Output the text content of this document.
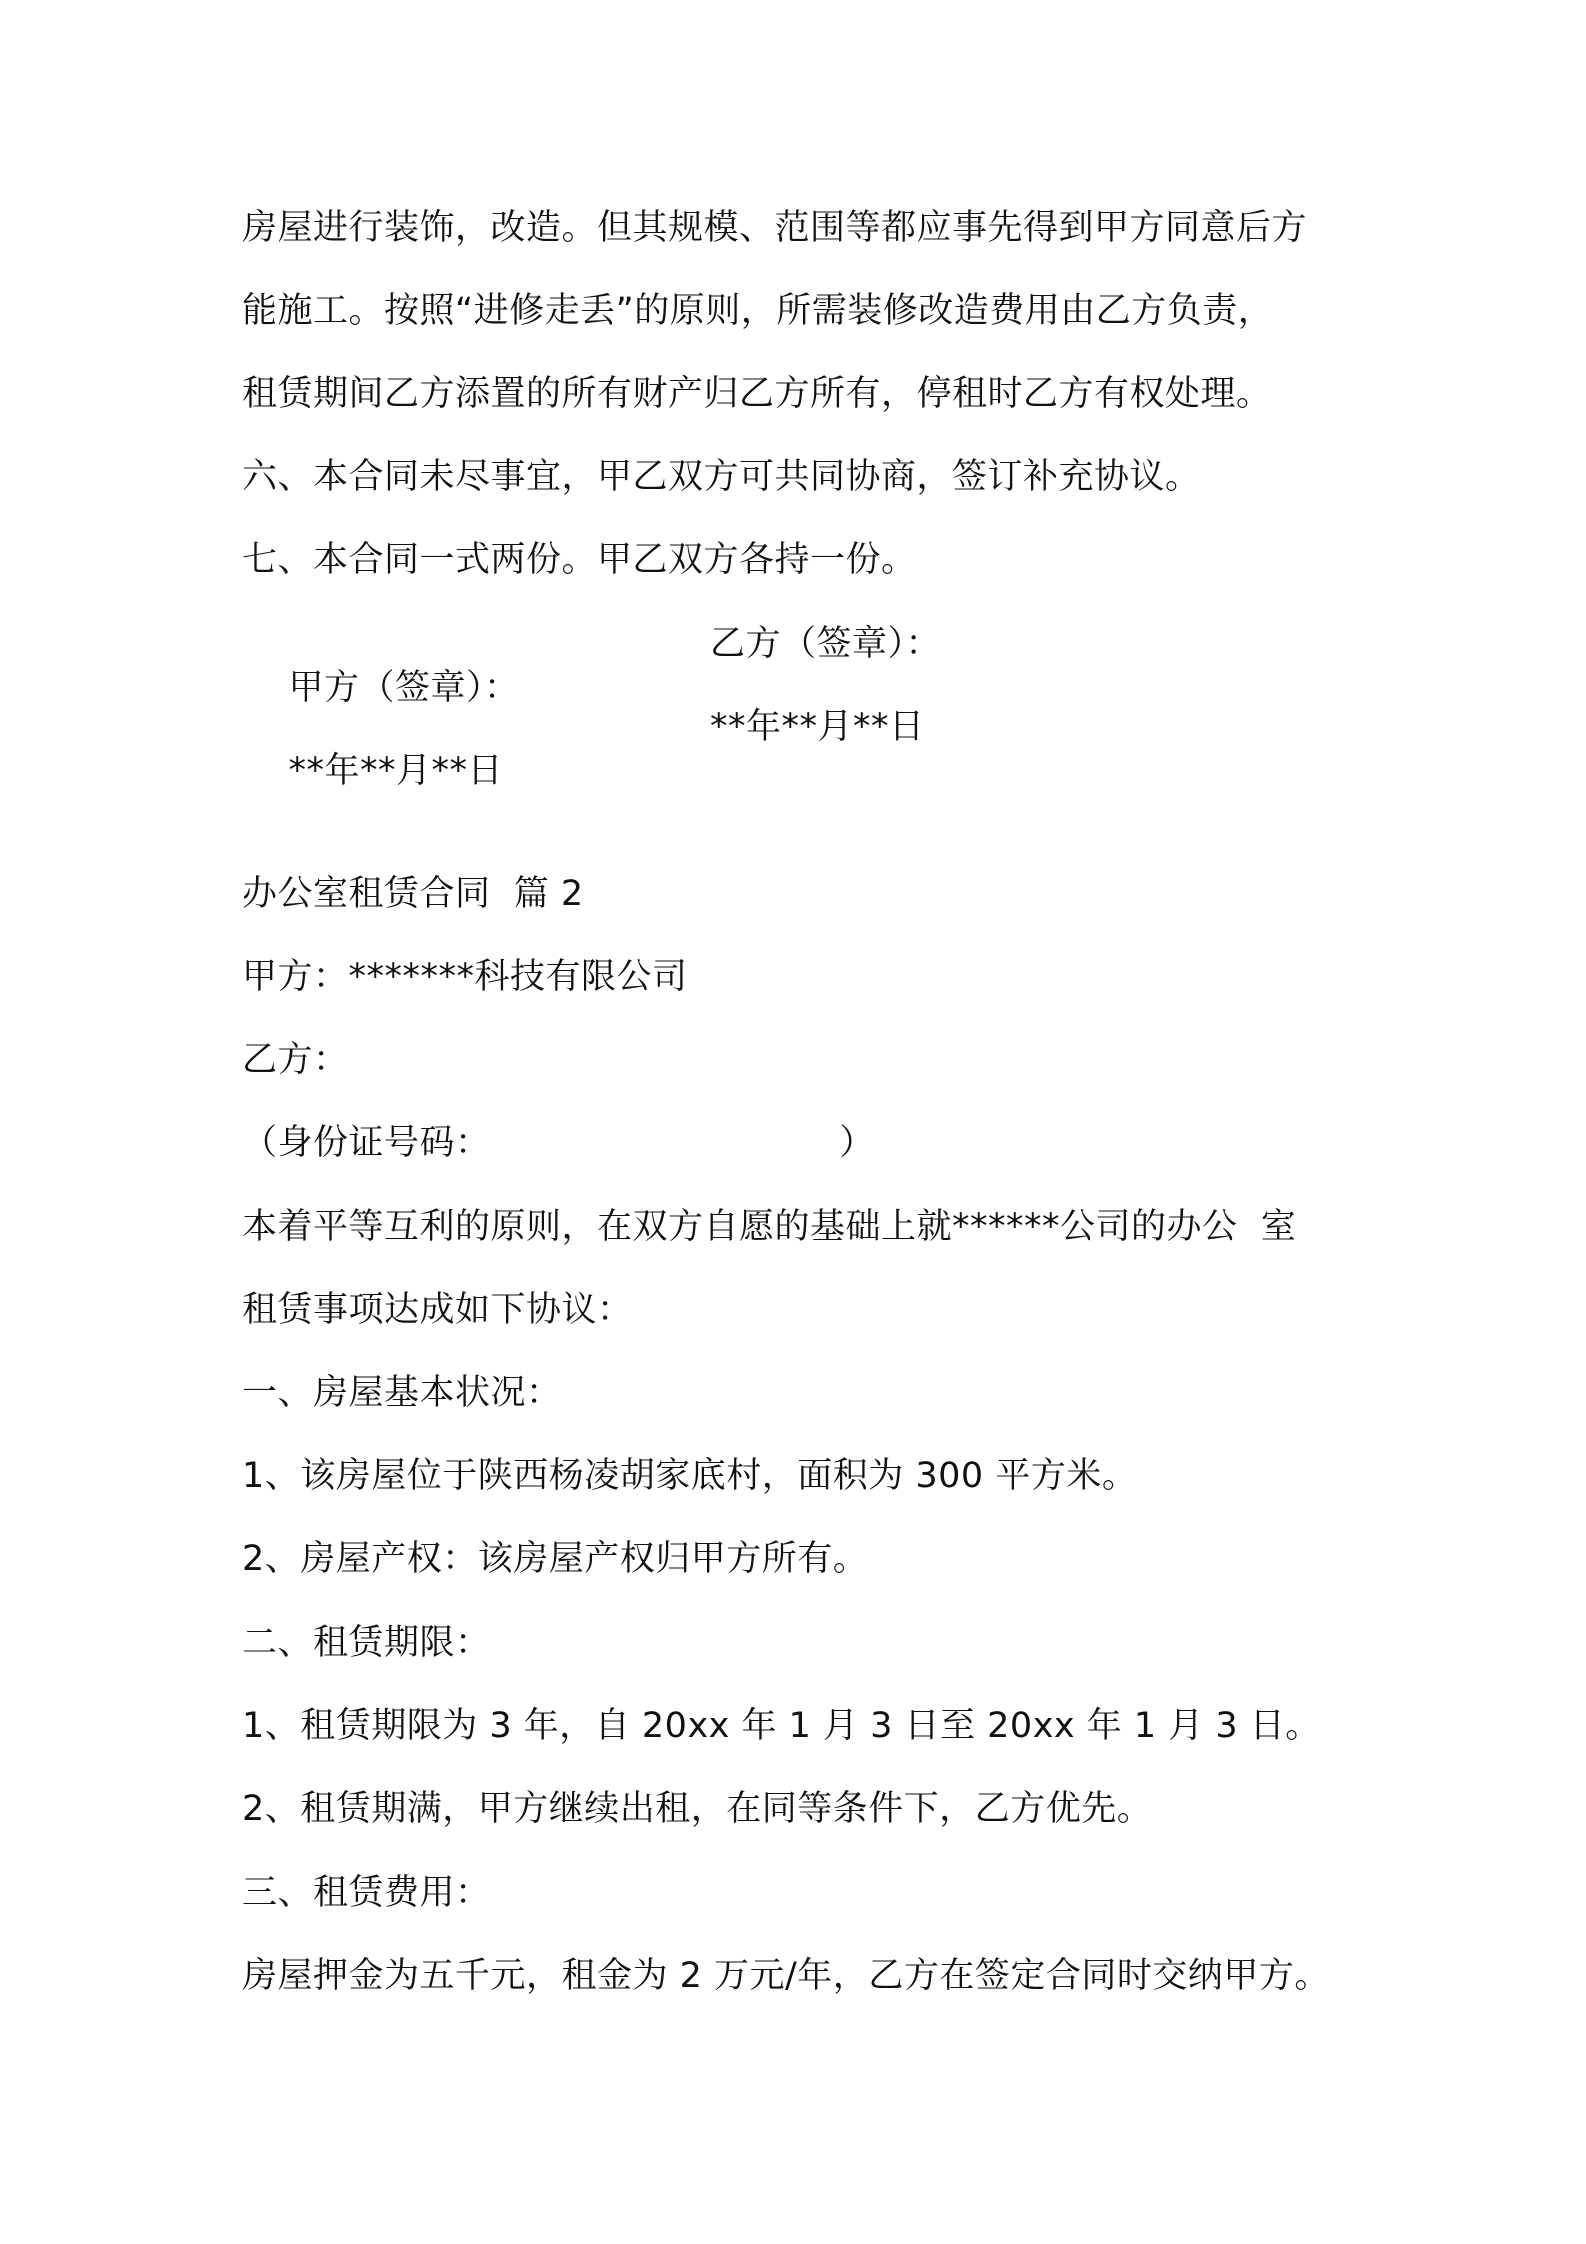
房屋进行装饰，改造。但其规模、范围等都应事先得到甲方同意后方
能施工。按照“进修走丢”的原则，所需装修改造费用由乙方负责，
租赁期间乙方添置的所有财产归乙方所有，停租时乙方有权处理。
六、本合同未尽事宜，甲乙双方可共同协商，签订补充协议。
七、本合同一式两份。甲乙双方各持一份。

甲方（签章）：

乙方（签章）：

**年**月**日

**年**月**日

办公室租赁合同  篇 2
甲方：*******科技有限公司
乙方：
（身份证号码：                              ）
本着平等互利的原则，在双方自愿的基础上就******公司的办公  室
租赁事项达成如下协议：
一、房屋基本状况：
1、该房屋位于陕西杨凌胡家底村，面积为 300 平方米。
2、房屋产权：该房屋产权归甲方所有。
二、租赁期限：
1、租赁期限为 3 年，自 20xx 年 1 月 3 日至 20xx 年 1 月 3 日。
2、租赁期满，甲方继续出租，在同等条件下，乙方优先。
三、租赁费用：
房屋押金为五千元，租金为 2 万元/年，乙方在签定合同时交纳甲方。
